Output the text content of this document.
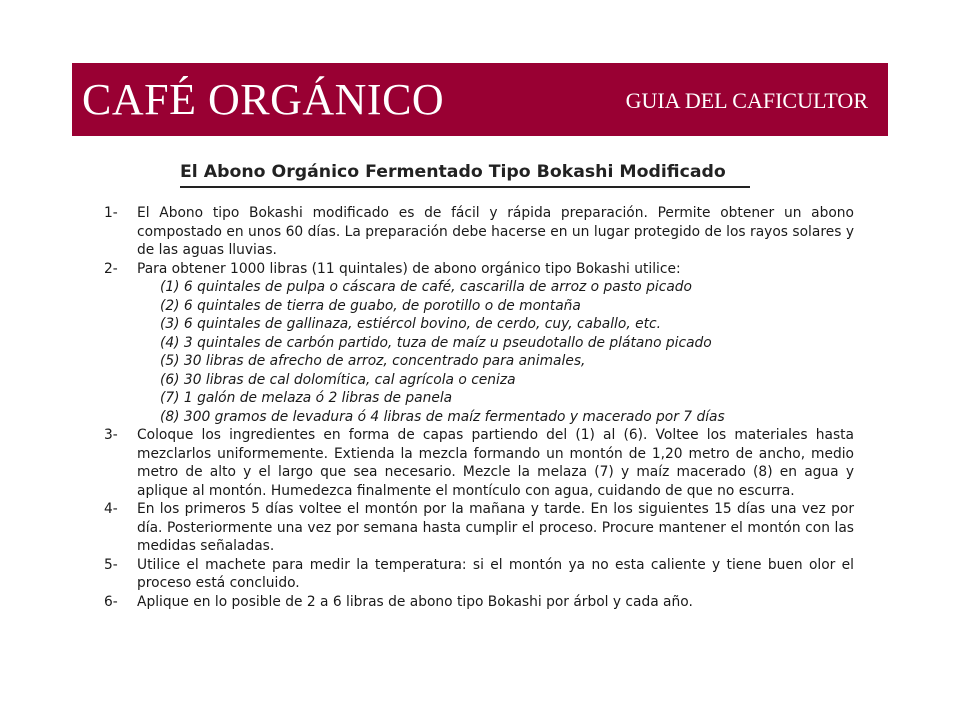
CAFÉ ORGÁNICO	GUIA DEL CAFICULTOR
El Abono Orgánico Fermentado Tipo Bokashi Modificado
1-	El Abono tipo Bokashi modificado es de fácil y rápida preparación. Permite obtener un abono compostado en unos 60 días. La preparación debe hacerse en un lugar protegido de los rayos solares y de las aguas lluvias.
2-	Para obtener 1000 libras (11 quintales) de abono orgánico tipo Bokashi utilice:
(1) 6 quintales de pulpa o cáscara de café, cascarilla de arroz o pasto picado
(2) 6 quintales de tierra de guabo, de porotillo o de montaña
(3) 6 quintales de gallinaza, estiércol bovino, de cerdo, cuy, caballo, etc.
(4) 3 quintales de carbón partido, tuza de maíz u pseudotallo de plátano picado
(5) 30 libras de afrecho de arroz, concentrado para animales,
(6) 30 libras de cal dolomítica, cal agrícola o ceniza
(7) 1 galón de melaza ó 2 libras de panela
(8) 300 gramos de levadura ó 4 libras de maíz fermentado y macerado por 7 días
3-	Coloque los ingredientes en forma de capas partiendo del (1) al (6). Voltee los materiales hasta mezclarlos uniformemente. Extienda la mezcla formando un montón de 1,20 metro de ancho, medio metro de alto y el largo que sea necesario. Mezcle la melaza (7) y maíz macerado (8) en agua y aplique al montón. Humedezca finalmente el montículo con agua, cuidando de que no escurra.
4-	En los primeros 5 días voltee el montón por la mañana y tarde. En los siguientes 15 días una vez por día. Posteriormente una vez por semana hasta cumplir el proceso. Procure mantener el montón con las medidas señaladas.
5-	Utilice el machete para medir la temperatura: si el montón ya no esta caliente y tiene buen olor el proceso está concluido.
6-	Aplique en lo posible de 2 a 6 libras de abono tipo Bokashi por árbol y cada año.
